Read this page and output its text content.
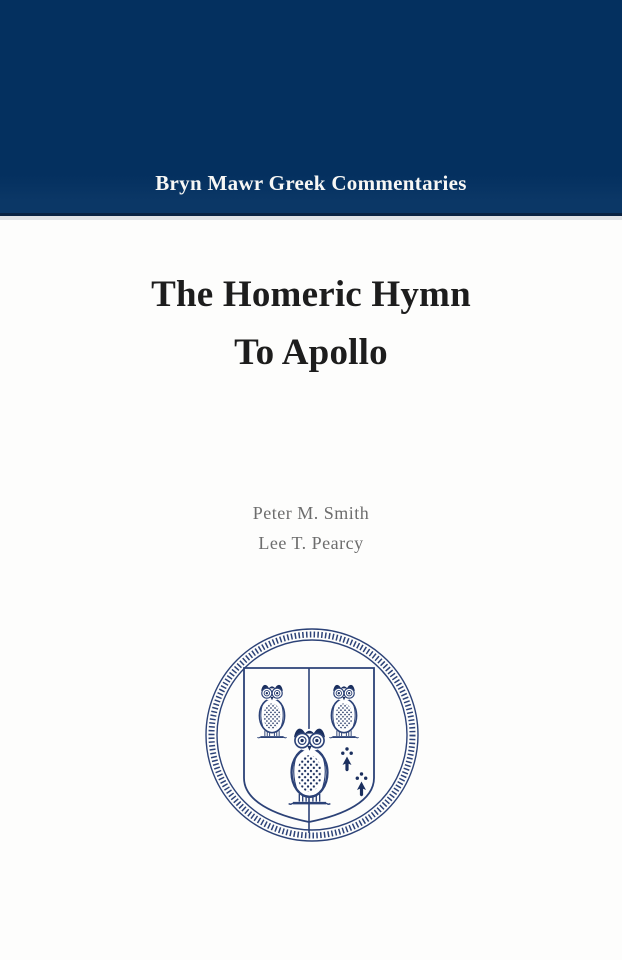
Bryn Mawr Greek Commentaries
The Homeric Hymn
To Apollo
Peter M. Smith
Lee T. Pearcy
